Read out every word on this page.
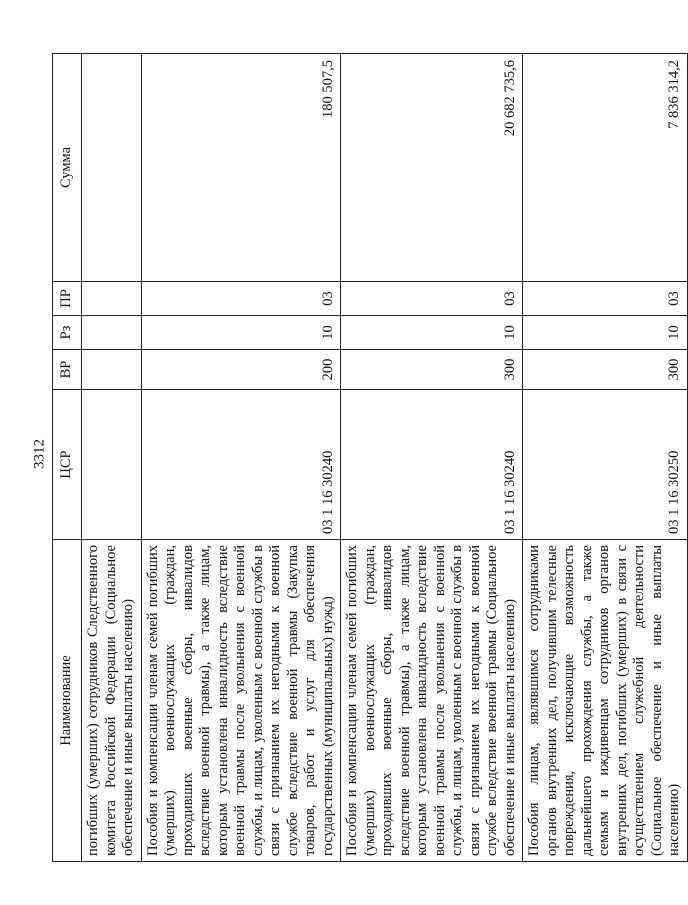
3312
Наименование	ЦСР	ВР	Рз	ПР	Сумма
погибших (умерших) сотрудников Следственного комитета Российской Федерации (Социальное обеспечение и иные выплаты населению)					
Пособия и компенсации членам семей погибших (умерших) военнослужащих (граждан, проходивших военные сборы, инвалидов вследствие военной травмы), а также лицам, которым установлена инвалидность вследствие военной травмы после увольнения с военной службы, и лицам, уволенным с военной службы в связи с признанием их негодными к военной службе вследствие военной травмы (Закупка товаров, работ и услуг для обеспечения государственных (муниципальных) нужд)	03 1 16 30240	200	10	03	180 507,5
Пособия и компенсации членам семей погибших (умерших) военнослужащих (граждан, проходивших военные сборы, инвалидов вследствие военной травмы), а также лицам, которым установлена инвалидность вследствие военной травмы после увольнения с военной службы, и лицам, уволенным с военной службы в связи с признанием их негодными к военной службе вследствие военной травмы (Социальное обеспечение и иные выплаты населению)	03 1 16 30240	300	10	03	20 682 735,6
Пособия лицам, являвшимся сотрудниками органов внутренних дел, получившим телесные повреждения, исключающие возможность дальнейшего прохождения службы, а также семьям и иждивенцам сотрудников органов внутренних дел, погибших (умерших) в связи с осуществлением служебной деятельности (Социальное обеспечение и иные выплаты населению)	03 1 16 30250	300	10	03	7 836 314,2
